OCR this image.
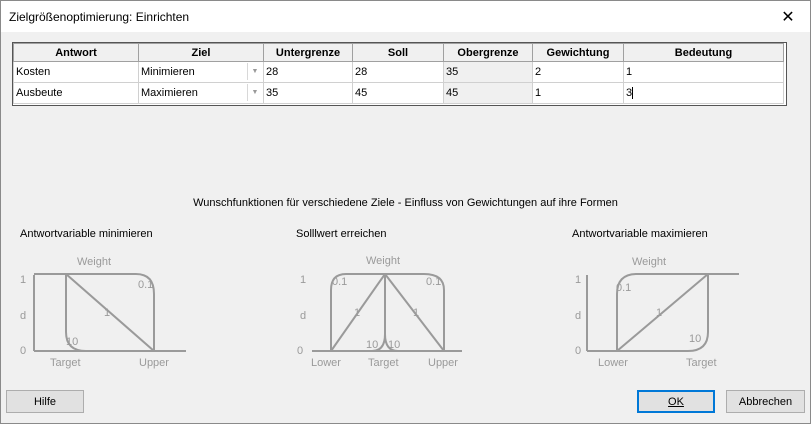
Zielgrößenoptimierung: Einrichten	✕
Antwort	Ziel	Untergrenze	Soll	Obergrenze	Gewichtung	Bedeutung
Kosten	Minimieren ▼	28	28	35	2	1
Ausbeute	Maximieren ▼	35	45	45	1	3
Wunschfunktionen für verschiedene Ziele - Einfluss von Gewichtungen auf ihre Formen
Antwortvariable minimieren	Solllwert erreichen	Antwortvariable maximieren
1
d
0
Weight
0.1
1
10
Target	Upper
1
d
0
Weight
0.1	0.1
1	1
10 10
Lower Target	Upper
1
d
0
Weight
0.1
1
10
Lower	Target
Hilfe	OK	Abbrechen
